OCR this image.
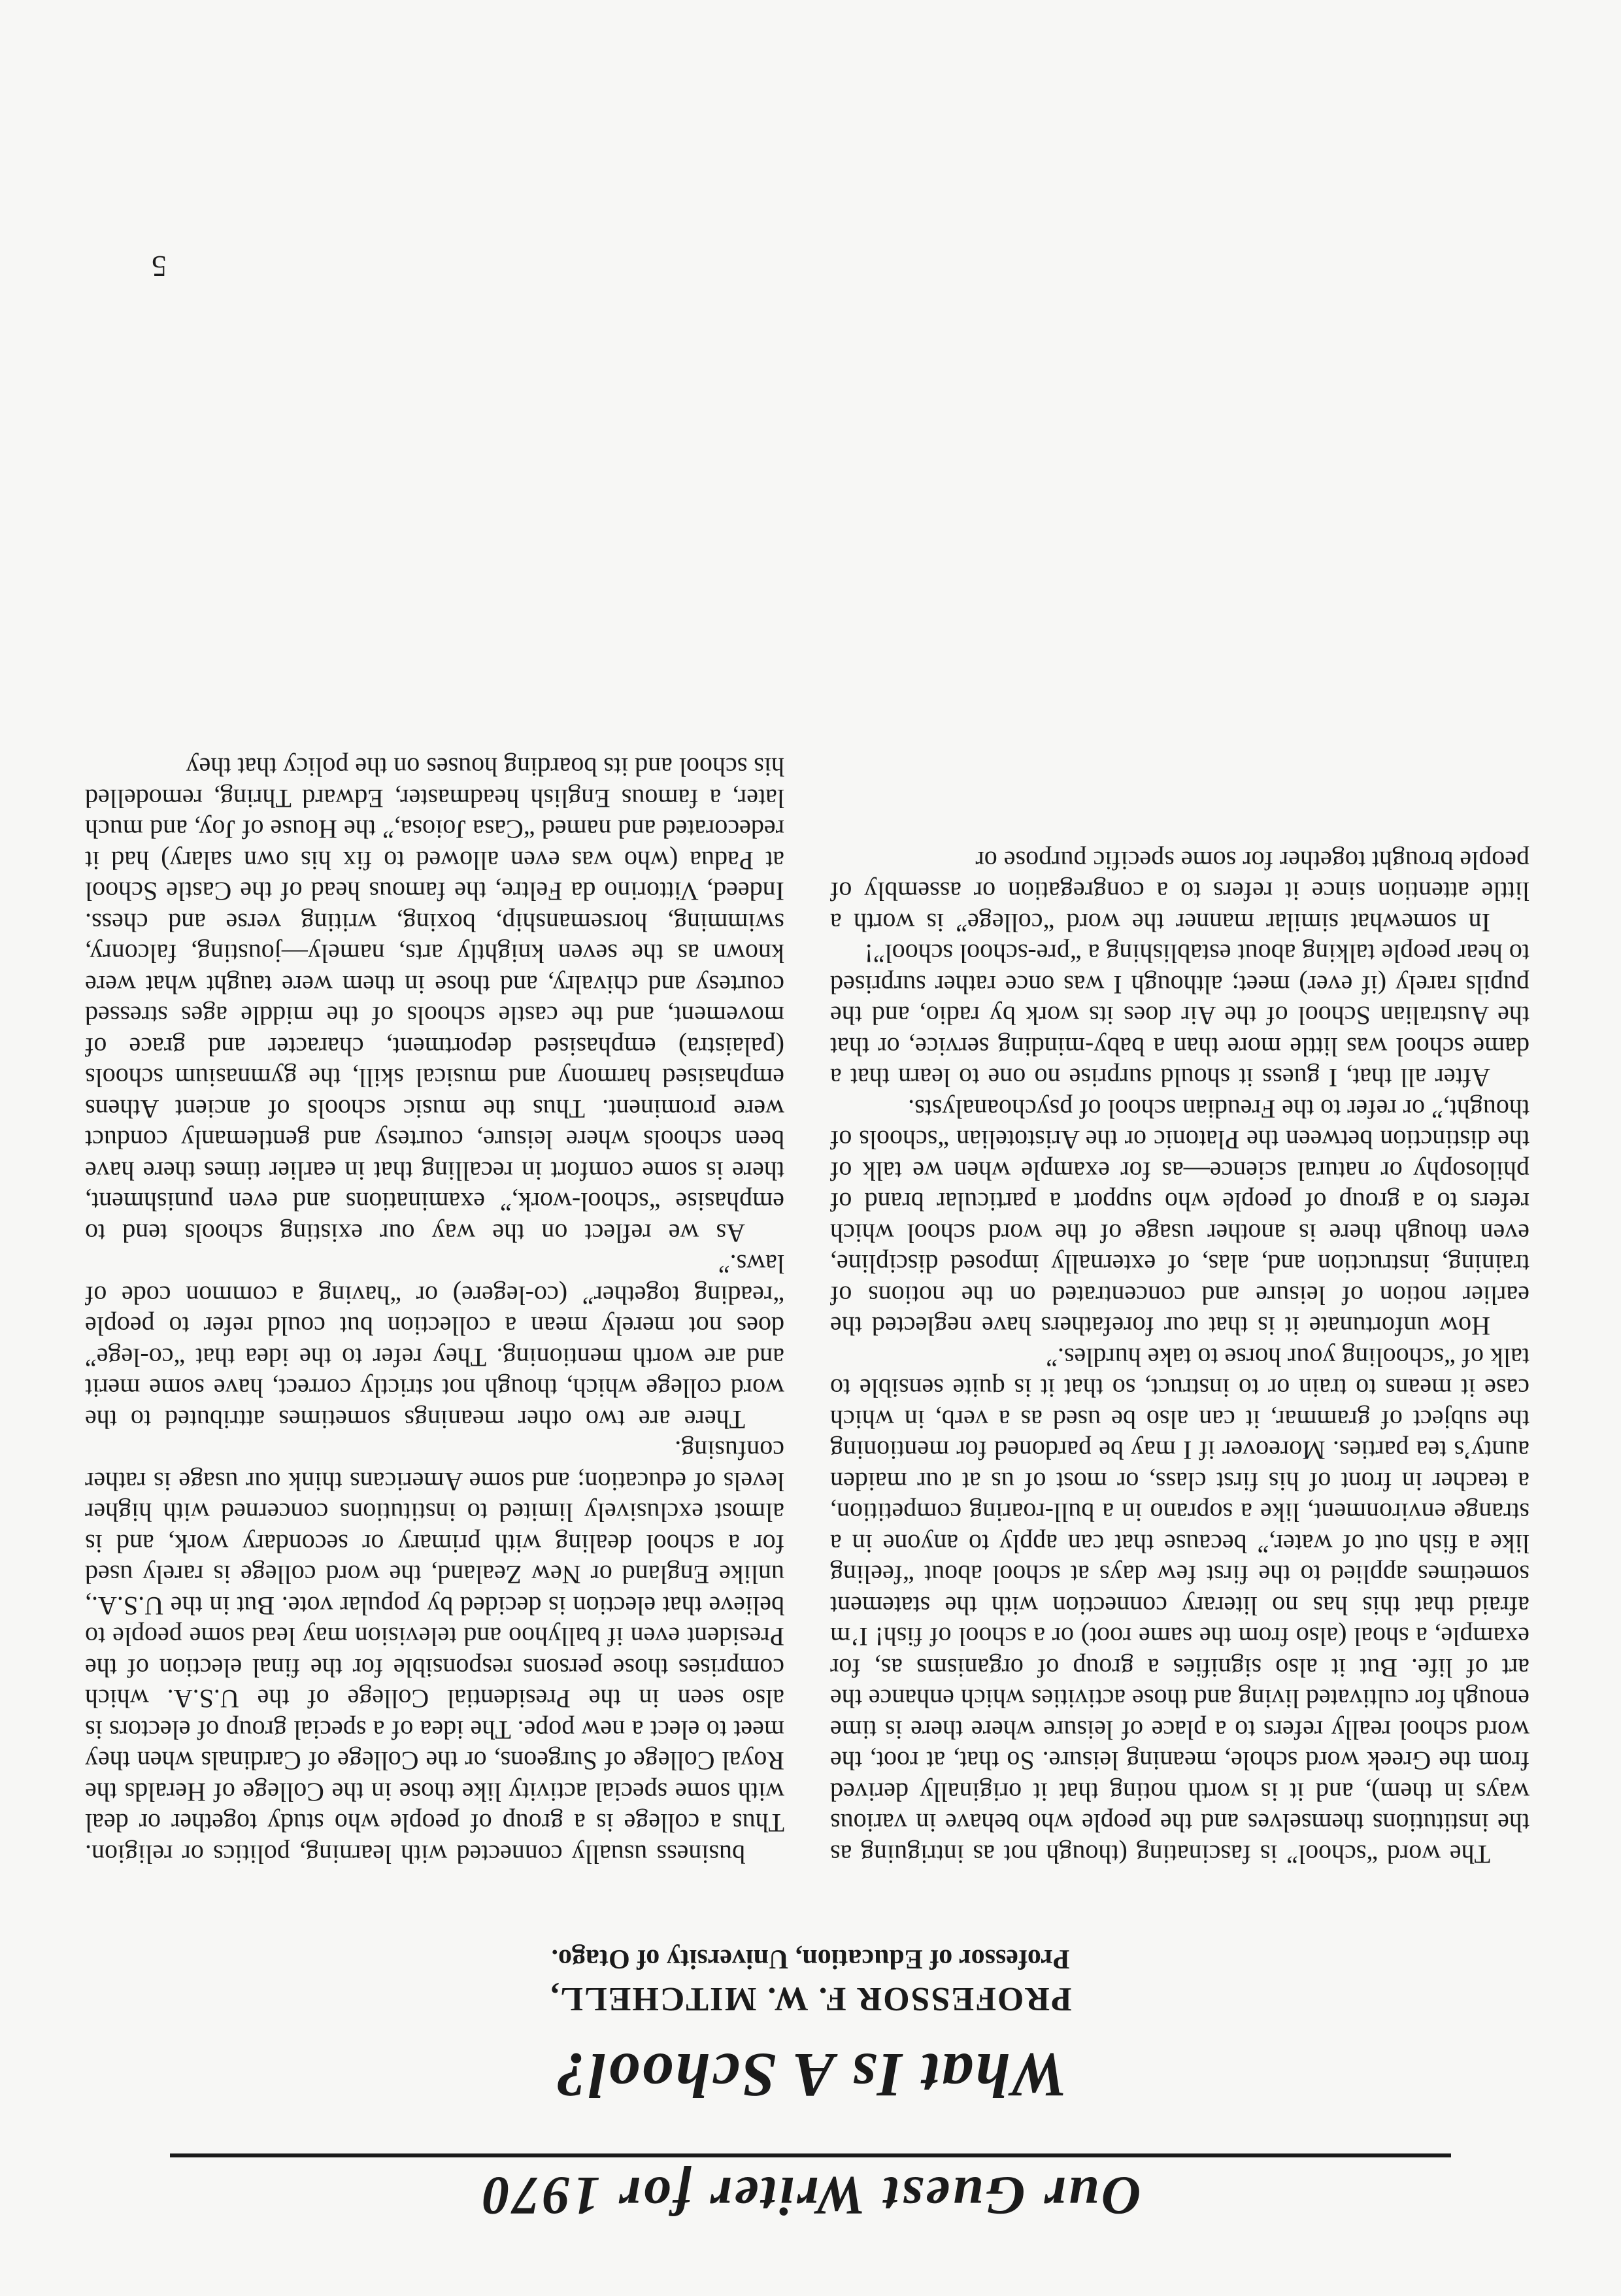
Our Guest Writer for 1970
What Is A School?
PROFESSOR F. W. MITCHELL,
Professor of Education, University of Otago.

The word “school” is fascinating (though not as intriguing as the institutions themselves and the people who behave in various ways in them), and it is worth noting that it originally derived from the Greek word schole, meaning leisure. So that, at root, the word school really refers to a place of leisure where there is time enough for cultivated living and those activities which enhance the art of life. But it also signifies a group of organisms as, for example, a shoal (also from the same root) or a school of fish! I’m afraid that this has no literary connection with the statement sometimes applied to the first few days at school about “feeling like a fish out of water,” because that can apply to anyone in a strange environment, like a soprano in a bull-roaring competition, a teacher in front of his first class, or most of us at our maiden aunty’s tea parties. Moreover if I may be pardoned for mentioning the subject of grammar, it can also be used as a verb, in which case it means to train or to instruct, so that it is quite sensible to talk of “schooling your horse to take hurdles.”

How unfortunate it is that our forefathers have neglected the earlier notion of leisure and concentrated on the notions of training, instruction and, alas, of externally imposed discipline, even though there is another usage of the word school which refers to a group of people who support a particular brand of philosophy or natural science—as for example when we talk of the distinction between the Platonic or the Aristotelian “schools of thought,” or refer to the Freudian school of psychoanalysts.

After all that, I guess it should surprise no one to learn that a dame school was little more than a baby-minding service, or that the Australian School of the Air does its work by radio, and the pupils rarely (if ever) meet; although I was once rather surprised to hear people talking about establishing a “pre-school school”!

In somewhat similar manner the word “college” is worth a little attention since it refers to a congregation or assembly of people brought together for some specific purpose or

business usually connected with learning, politics or religion. Thus a college is a group of people who study together or deal with some special activity like those in the College of Heralds the Royal College of Surgeons, or the College of Cardinals when they meet to elect a new pope. The idea of a special group of electors is also seen in the Presidential College of the U.S.A. which comprises those persons responsible for the final election of the President even if ballyhoo and television may lead some people to believe that election is decided by popular vote. But in the U.S.A., unlike England or New Zealand, the word college is rarely used for a school dealing with primary or secondary work, and is almost exclusively limited to institutions concerned with higher levels of education; and some Americans think our usage is rather confusing.

There are two other meanings sometimes attributed to the word college which, though not strictly correct, have some merit and are worth mentioning. They refer to the idea that “co-lege” does not merely mean a collection but could refer to people “reading together” (co-legere) or “having a common code of laws.”

As we reflect on the way our existing schools tend to emphasise “school-work,” examinations and even punishment, there is some comfort in recalling that in earlier times there have been schools where leisure, courtesy and gentlemanly conduct were prominent. Thus the music schools of ancient Athens emphasised harmony and musical skill, the gymnasium schools (palaistra) emphasised deportment, character and grace of movement, and the castle schools of the middle ages stressed courtesy and chivalry, and those in them were taught what were known as the seven knightly arts, namely—jousting, falconry, swimming, horsemanship, boxing, writing verse and chess. Indeed, Vittorino da Feltre, the famous head of the Castle School at Padua (who was even allowed to fix his own salary) had it redecorated and named “Casa Joiosa,” the House of Joy, and much later, a famous English headmaster, Edward Thring, remodelled his school and its boarding houses on the policy that they

5
